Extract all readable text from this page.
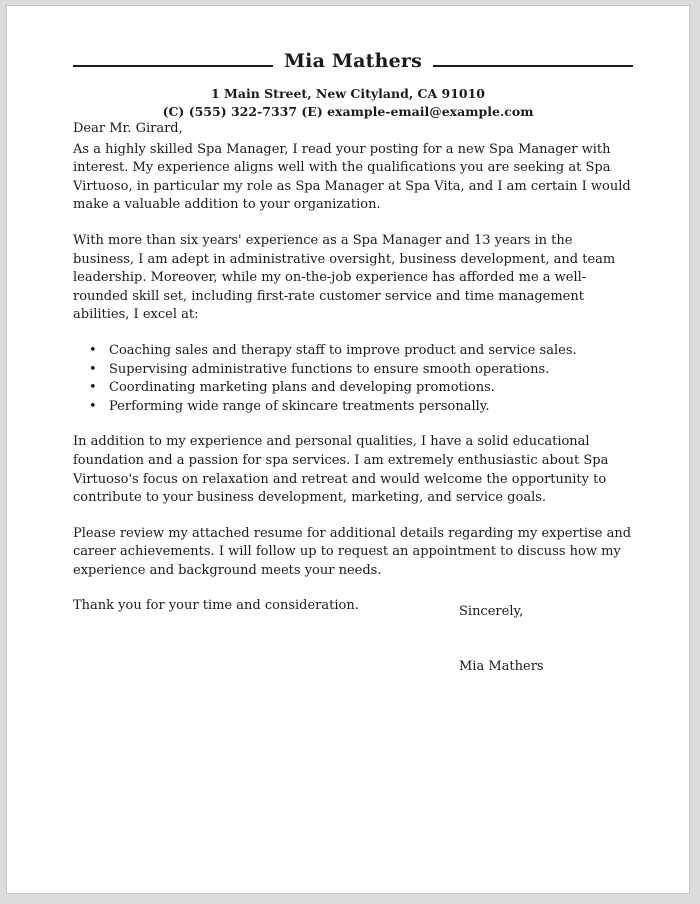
Mia Mathers
1 Main Street, New Cityland, CA 91010
(C) (555) 322-7337 (E) example-email@example.com

Dear Mr. Girard,

As a highly skilled Spa Manager, I read your posting for a new Spa Manager with interest. My experience aligns well with the qualifications you are seeking at Spa Virtuoso, in particular my role as Spa Manager at Spa Vita, and I am certain I would make a valuable addition to your organization.

With more than six years' experience as a Spa Manager and 13 years in the business, I am adept in administrative oversight, business development, and team leadership. Moreover, while my on-the-job experience has afforded me a well-rounded skill set, including first-rate customer service and time management abilities, I excel at:

• Coaching sales and therapy staff to improve product and service sales.
• Supervising administrative functions to ensure smooth operations.
• Coordinating marketing plans and developing promotions.
• Performing wide range of skincare treatments personally.

In addition to my experience and personal qualities, I have a solid educational foundation and a passion for spa services. I am extremely enthusiastic about Spa Virtuoso's focus on relaxation and retreat and would welcome the opportunity to contribute to your business development, marketing, and service goals.

Please review my attached resume for additional details regarding my expertise and career achievements. I will follow up to request an appointment to discuss how my experience and background meets your needs.

Thank you for your time and consideration.	Sincerely,
Mia Mathers
